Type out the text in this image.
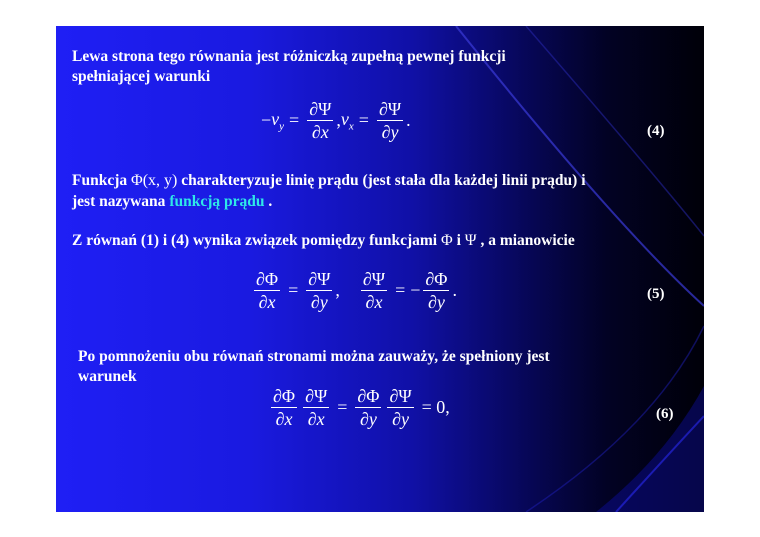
Lewa strona tego równania jest różniczką zupełną pewnej funkcji

spełniającej warunki

− $\nu_y = \frac{\partial\Psi}{\partial x}$ , $\nu_x = \frac{\partial\Psi}{\partial y}$ .
(4)

Funkcja Φ(x, y) charakteryzuje linię prądu (jest stała dla każdej linii prądu) i

jest nazywana funkcją prądu .

Z równań (1) i (4) wynika związek pomiędzy funkcjami Φ i Ψ , a mianowicie

$\frac{\partial\Phi}{\partial x} = \frac{\partial\Psi}{\partial y}$ , $\frac{\partial\Psi}{\partial x}$ = − $\frac{\partial\Phi}{\partial y}$ .	(5)

Po pomnożeniu obu równań stronami można zauważy, że spełniony jest

warunek

$\frac{\partial\Phi}{\partial x} \frac{\partial\Psi}{\partial x} = \frac{\partial\Phi}{\partial y} \frac{\partial\Psi}{\partial y} = 0$,	(6)
